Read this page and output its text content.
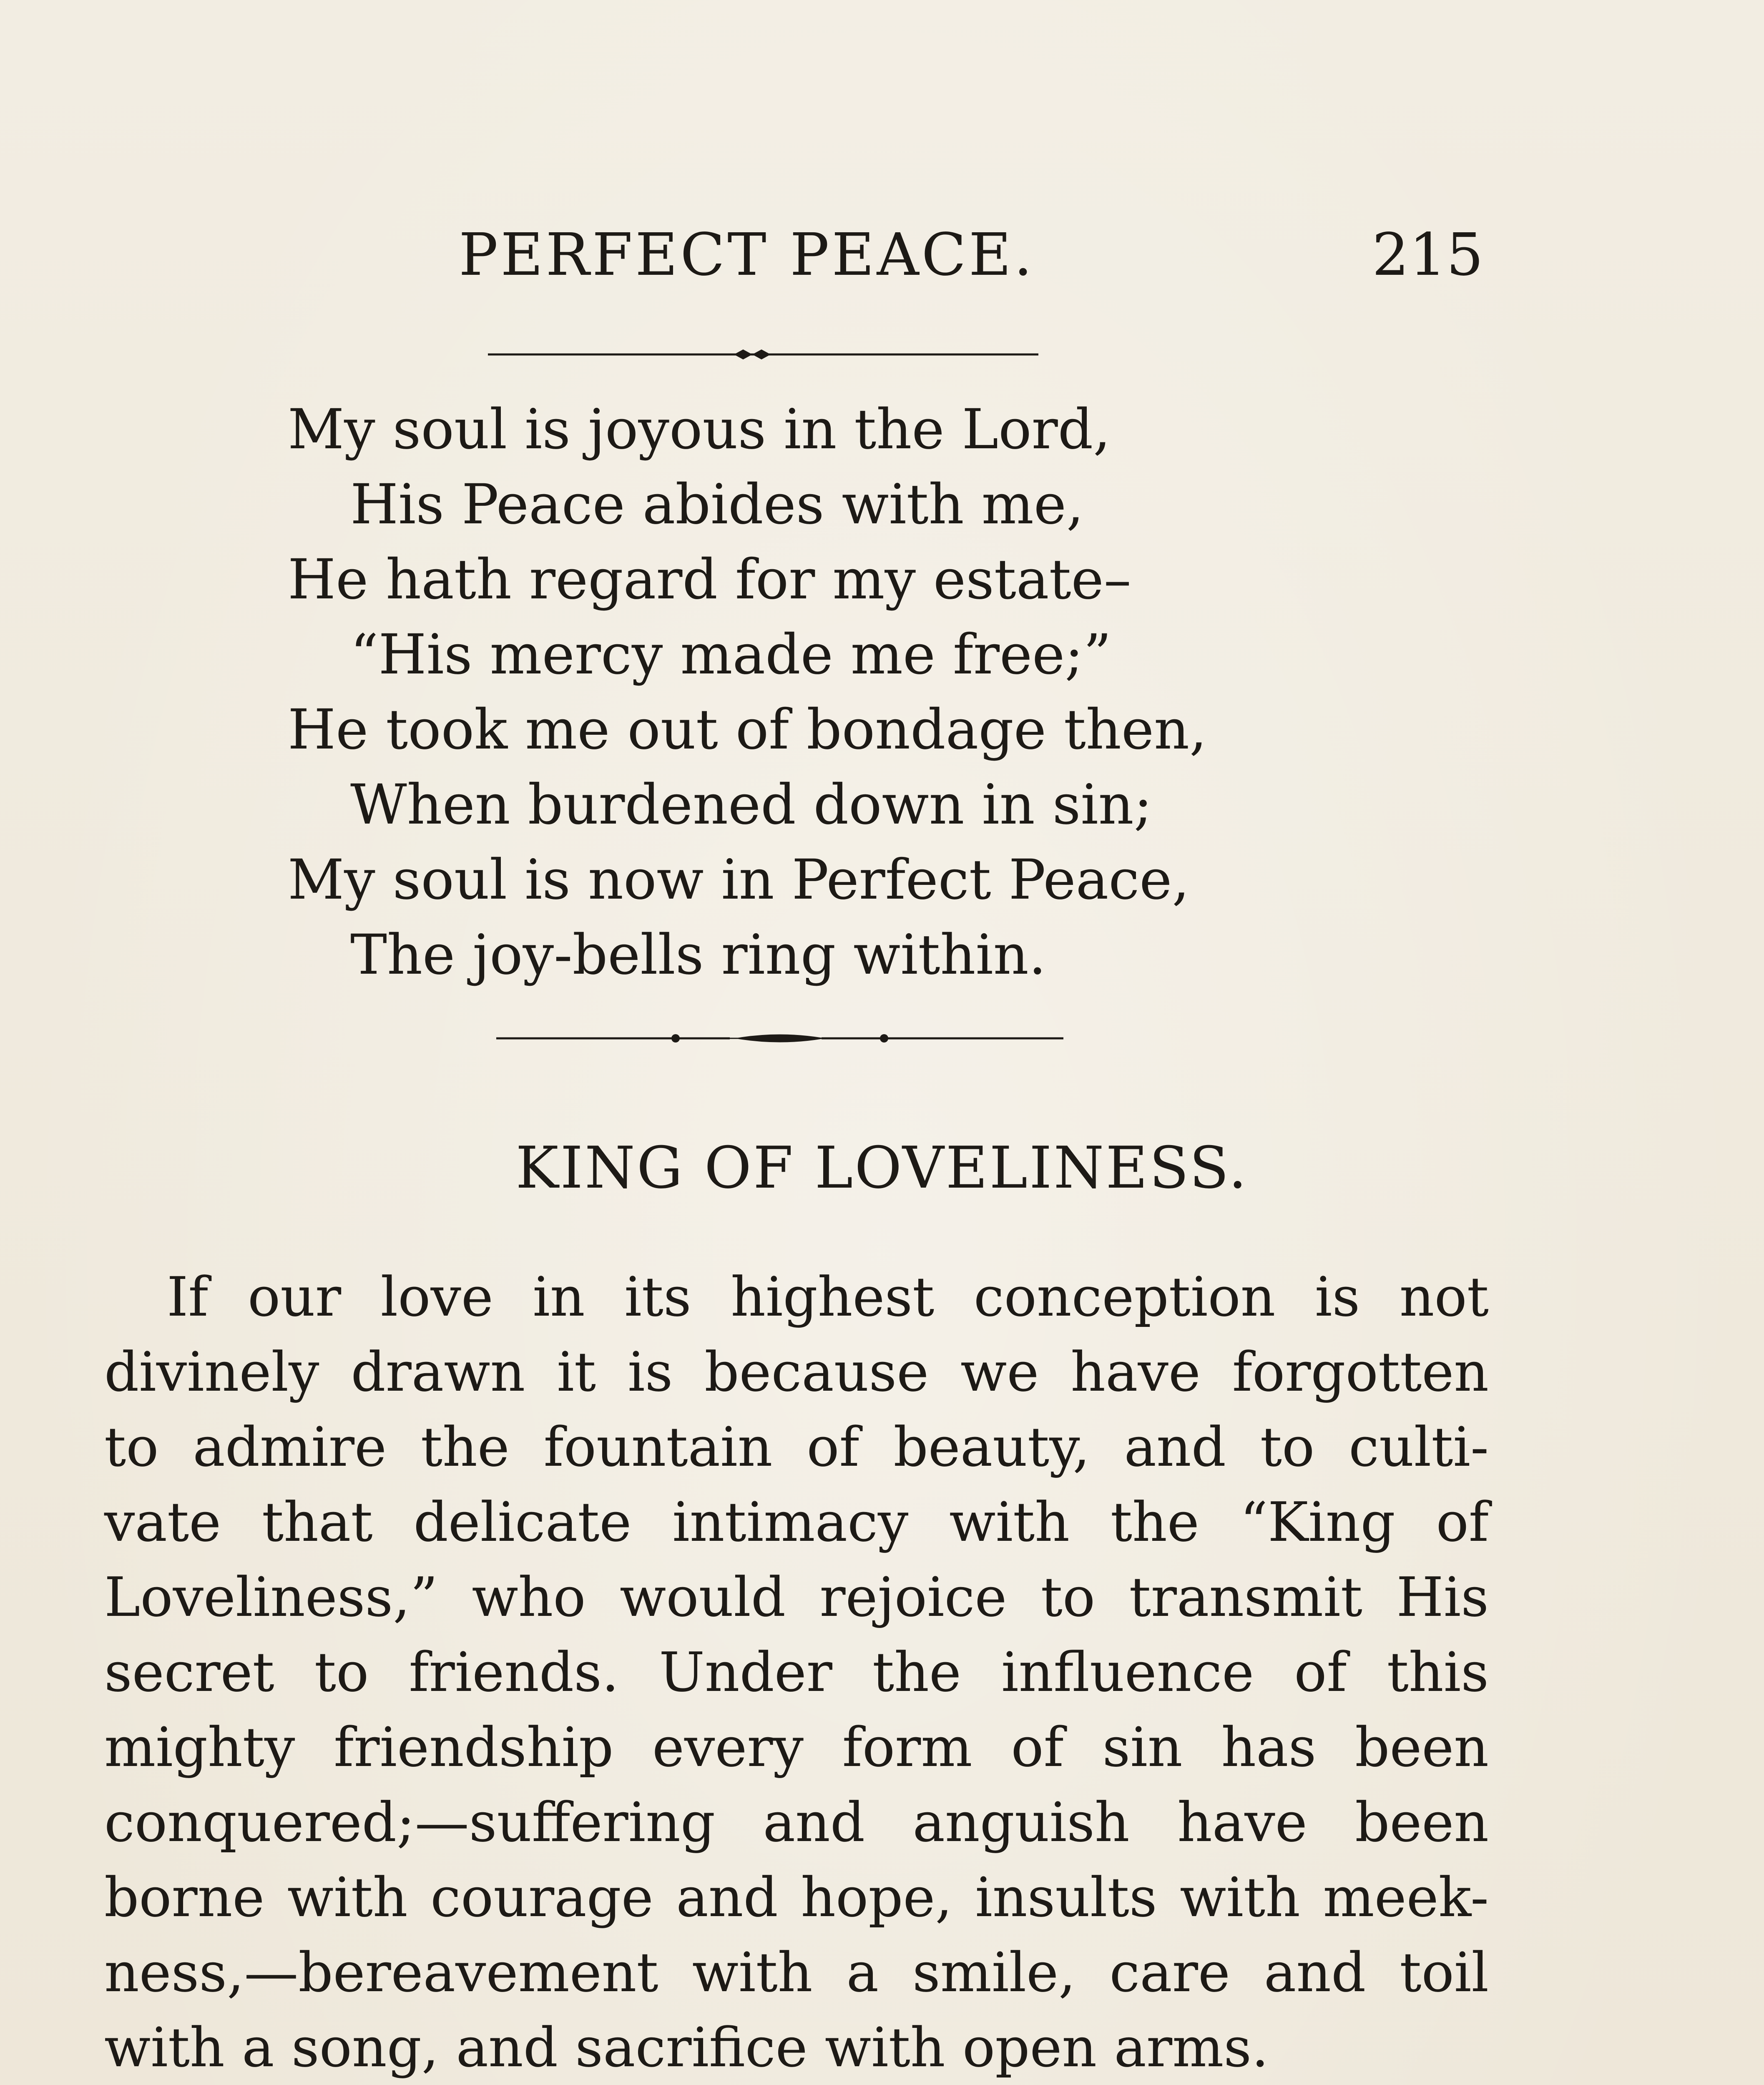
PERFECT PEACE.	215
My soul is joyous in the Lord,
His Peace abides with me,
He hath regard for my estate–
“His mercy made me free;”
He took me out of bondage then,
When burdened down in sin;
My soul is now in Perfect Peace,
The joy-bells ring within.
KING OF LOVELINESS.
If our love in its highest conception is not
divinely drawn it is because we have forgotten
to admire the fountain of beauty, and to culti-
vate that delicate intimacy with the “King of
Loveliness,” who would rejoice to transmit His
secret to friends. Under the influence of this
mighty friendship every form of sin has been
conquered;—suffering and anguish have been
borne with courage and hope, insults with meek-
ness,—bereavement with a smile, care and toil
with a song, and sacrifice with open arms.
